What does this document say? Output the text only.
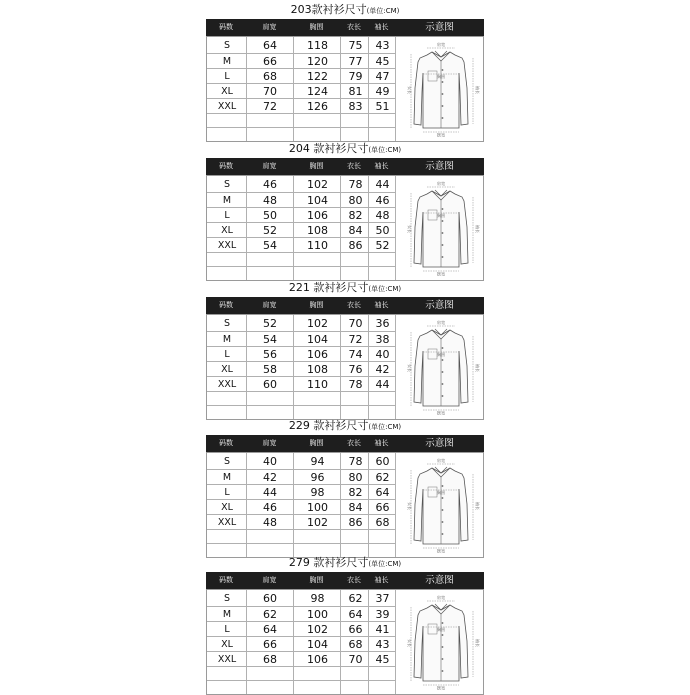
203款衬衫尺寸(单位:CM)
码数	肩宽	胸围	衣长	袖长	示意图
S	64	118	75	43
M	66	120	77	45
L	68	122	79	47
XL	70	124	81	49
XXL	72	126	83	51
肩宽
胸围
摆宽
衣长	袖长
204 款衬衫尺寸(单位:CM)
码数	肩宽	胸围	衣长	袖长	示意图
S	46	102	78	44
M	48	104	80	46
L	50	106	82	48
XL	52	108	84	50
XXL	54	110	86	52
肩宽
胸围
摆宽
衣长	袖长
221 款衬衫尺寸(单位:CM)
码数	肩宽	胸围	衣长	袖长	示意图
S	52	102	70	36
M	54	104	72	38
L	56	106	74	40
XL	58	108	76	42
XXL	60	110	78	44
肩宽
胸围
摆宽
衣长	袖长
229 款衬衫尺寸(单位:CM)
码数	肩宽	胸围	衣长	袖长	示意图
S	40	94	78	60
M	42	96	80	62
L	44	98	82	64
XL	46	100	84	66
XXL	48	102	86	68
肩宽
胸围
摆宽
衣长	袖长
279 款衬衫尺寸(单位:CM)
码数	肩宽	胸围	衣长	袖长	示意图
S	60	98	62	37
M	62	100	64	39
L	64	102	66	41
XL	66	104	68	43
XXL	68	106	70	45
肩宽
胸围
摆宽
衣长	袖长
